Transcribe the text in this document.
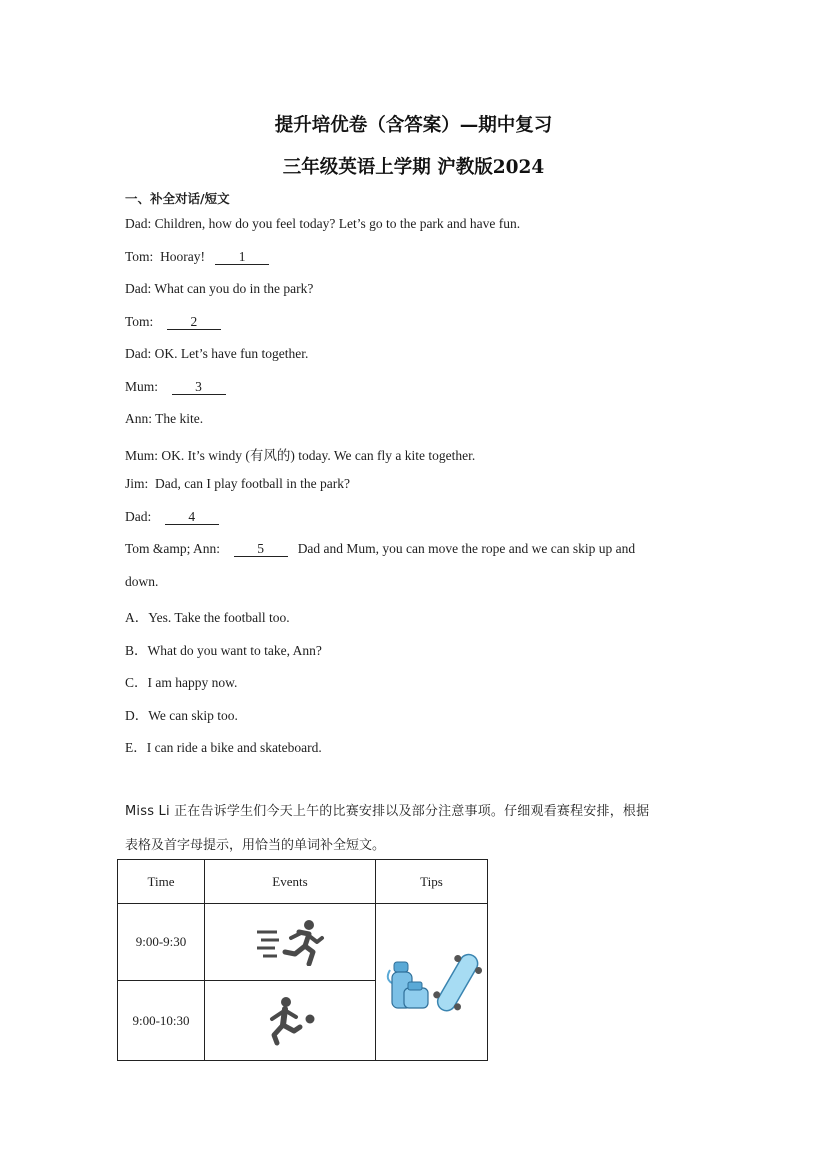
提升培优卷（含答案）—期中复习
三年级英语上学期 沪教版2024
一、补全对话/短文
Dad: Children, how do you feel today? Let’s go to the park and have fun.
Tom: Hooray!	1
Dad: What can you do in the park?
Tom:	2
Dad: OK. Let’s have fun together.
Mum:	3
Ann: The kite.
Mum: OK. It’s windy (有风的) today. We can fly a kite together.
Jim: Dad, can I play football in the park?
Dad:	4
Tom &amp; Ann:	5	Dad and Mum, you can move the rope and we can skip up and
down.
A．Yes. Take the football too.
B．What do you want to take, Ann?
C．I am happy now.
D．We can skip too.
E．I can ride a bike and skateboard.
Miss Li 正在告诉学生们今天上午的比赛安排以及部分注意事项。仔细观看赛程安排，根据
表格及首字母提示，用恰当的单词补全短文。
Time	Events	Tips
9:00-9:30	

9:00-10:30	
